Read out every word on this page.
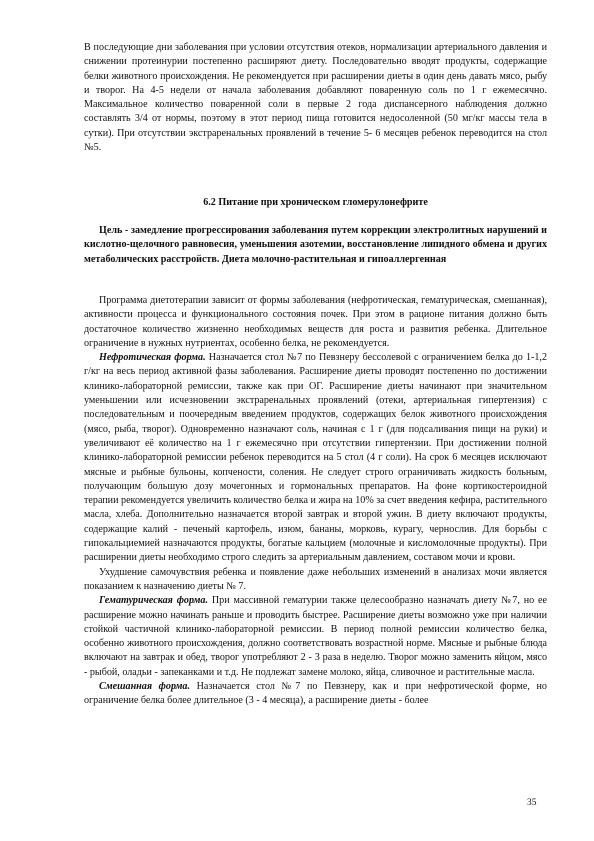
В последующие дни заболевания при условии отсутствия отеков, нормализации артериального давления и снижении протеинурии постепенно расширяют диету. Последовательно вводят продукты, содержащие белки животного происхождения. Не рекомендуется при расширении диеты в один день давать мясо, рыбу и творог. На 4-5 недели от начала заболевания добавляют поваренную соль по 1 г ежемесячно. Максимальное количество поваренной соли в первые 2 года диспансерного наблюдения должно составлять 3/4 от нормы, поэтому в этот период пища готовится недосоленной (50 мг/кг массы тела в сутки). При отсутствии экстраренальных проявлений в течение 5- 6 месяцев ребенок переводится на стол №5.

6.2 Питание при хроническом гломерулонефрите

Цель - замедление прогрессирования заболевания путем коррекции электролитных нарушений и кислотно-щелочного равновесия, уменьшения азотемии, восстановление липидного обмена и других метаболических расстройств. Диета молочно-растительная и гипоаллергенная

Программа диетотерапии зависит от формы заболевания (нефротическая, гематурическая, смешанная), активности процесса и функционального состояния почек. При этом в рационе питания должно быть достаточное количество жизненно необходимых веществ для роста и развития ребенка. Длительное ограничение в нужных нутриентах, особенно белка, не рекомендуется.

Нефротическая форма. Назначается стол №7 по Певзнеру бессолевой с ограничением белка до 1-1,2 г/кг на весь период активной фазы заболевания. Расширение диеты проводят постепенно по достижении клинико-лабораторной ремиссии, также как при ОГ. Расширение диеты начинают при значительном уменьшении или исчезновении экстраренальных проявлений (отеки, артериальная гипертензия) с последовательным и поочередным введением продуктов, содержащих белок животного происхождения (мясо, рыба, творог). Одновременно назначают соль, начиная с 1 г (для подсаливания пищи на руки) и увеличивают её количество на 1 г ежемесячно при отсутствии гипертензии. При достижении полной клинико-лабораторной ремиссии ребенок переводится на 5 стол (4 г соли). На срок 6 месяцев исключают мясные и рыбные бульоны, копчености, соления. Не следует строго ограничивать жидкость больным, получающим большую дозу мочегонных и гормональных препаратов. На фоне кортикостероидной терапии рекомендуется увеличить количество белка и жира на 10% за счет введения кефира, растительного масла, хлеба. Дополнительно назначается второй завтрак и второй ужин. В диету включают продукты, содержащие калий - печеный картофель, изюм, бананы, морковь, курагу, чернослив. Для борьбы с гипокальциемией назначаются продукты, богатые кальцием (молочные и кисломолочные продукты). При расширении диеты необходимо строго следить за артериальным давлением, составом мочи и крови.

Ухудшение самочувствия ребенка и появление даже небольших изменений в анализах мочи является показанием к назначению диеты № 7.

Гематурическая форма. При массивной гематурии также целесообразно назначать диету №7, но ее расширение можно начинать раньше и проводить быстрее. Расширение диеты возможно уже при наличии стойкой частичной клинико-лабораторной ремиссии. В период полной ремиссии количество белка, особенно животного происхождения, должно соответствовать возрастной норме. Мясные и рыбные блюда включают на завтрак и обед, творог употребляют 2 - 3 раза в неделю. Творог можно заменить яйцом, мясо - рыбой, оладьи - запеканками и т.д. Не подлежат замене молоко, яйца, сливочное и растительные масла.

Смешанная форма. Назначается стол №7 по Певзнеру, как и при нефротической форме, но ограничение белка более длительное (3 - 4 месяца), а расширение диеты - более

35
